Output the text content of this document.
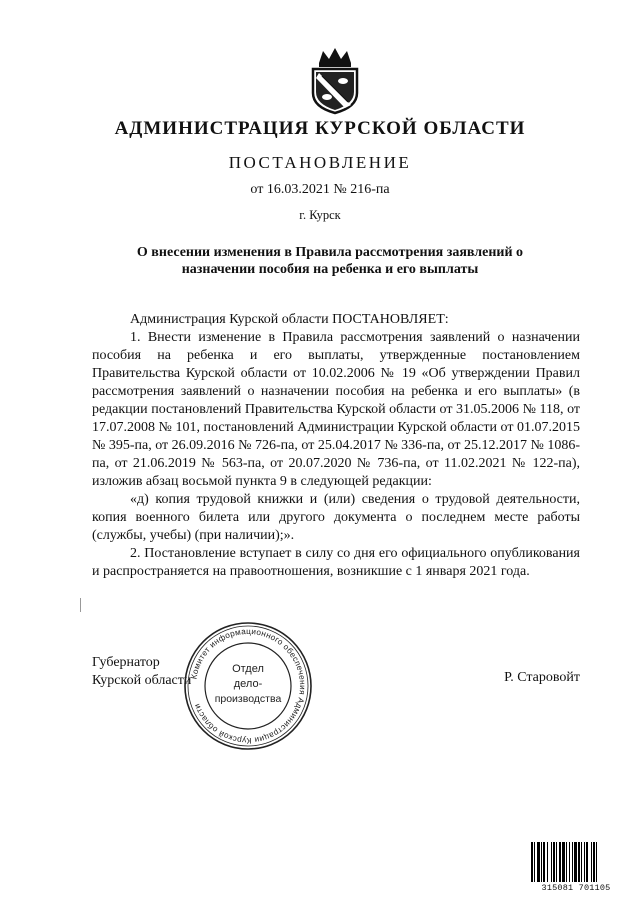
АДМИНИСТРАЦИЯ КУРСКОЙ ОБЛАСТИ
ПОСТАНОВЛЕНИЕ
от 16.03.2021 № 216-па
г. Курск
О внесении изменения в Правила рассмотрения заявлений о
назначении пособия на ребенка и его выплаты

Администрация Курской области ПОСТАНОВЛЯЕТ:

1. Внести изменение в Правила рассмотрения заявлений о назначении пособия на ребенка и его выплаты, утвержденные постановлением Правительства Курской области от 10.02.2006 № 19 «Об утверждении Правил рассмотрения заявлений о назначении пособия на ребенка и его выплаты» (в редакции постановлений Правительства Курской области от 31.05.2006 № 118, от 17.07.2008 № 101, постановлений Администрации Курской области от 01.07.2015 № 395-па, от 26.09.2016 № 726-па, от 25.04.2017 № 336-па, от 25.12.2017 № 1086-па, от 21.06.2019 № 563-па, от 20.07.2020 № 736-па, от 11.02.2021 № 122-па), изложив абзац восьмой пункта 9 в следующей редакции:

«д) копия трудовой книжки и (или) сведения о трудовой деятельности, копия военного билета или другого документа о последнем месте работы (службы, учебы) (при наличии);».

2. Постановление вступает в силу со дня его официального опубликования и распространяется на правоотношения, возникшие с 1 января 2021 года.

Губернатор
Курской области	Р. Старовойт
Комитет информационного обеспечения Администрации Курской области
Отдел
дело-
производства
315081 701105
